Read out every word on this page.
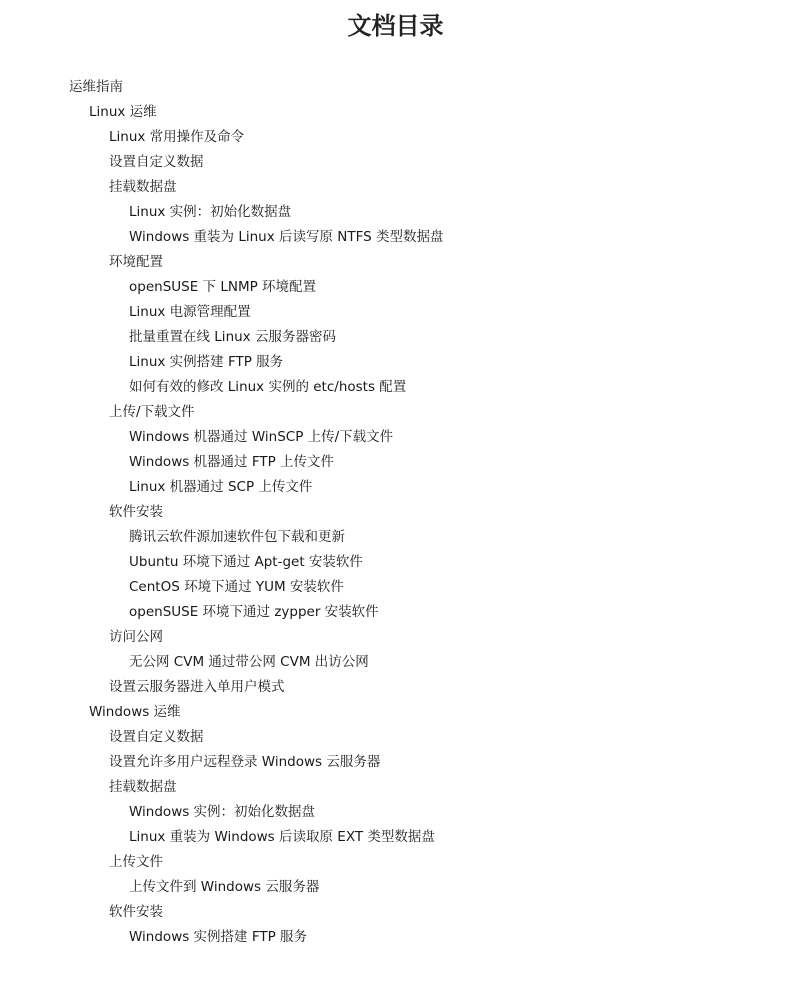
文档目录
运维指南
Linux 运维
Linux 常用操作及命令
设置自定义数据
挂载数据盘
Linux 实例：初始化数据盘
Windows 重装为 Linux 后读写原 NTFS 类型数据盘
环境配置
openSUSE 下 LNMP 环境配置
Linux 电源管理配置
批量重置在线 Linux 云服务器密码
Linux 实例搭建 FTP 服务
如何有效的修改 Linux 实例的 etc/hosts 配置
上传/下载文件
Windows 机器通过 WinSCP 上传/下载文件
Windows 机器通过 FTP 上传文件
Linux 机器通过 SCP 上传文件
软件安装
腾讯云软件源加速软件包下载和更新
Ubuntu 环境下通过 Apt-get 安装软件
CentOS 环境下通过 YUM 安装软件
openSUSE 环境下通过 zypper 安装软件
访问公网
无公网 CVM 通过带公网 CVM 出访公网
设置云服务器进入单用户模式
Windows 运维
设置自定义数据
设置允许多用户远程登录 Windows 云服务器
挂载数据盘
Windows 实例：初始化数据盘
Linux 重装为 Windows 后读取原 EXT 类型数据盘
上传文件
上传文件到 Windows 云服务器
软件安装
Windows 实例搭建 FTP 服务
